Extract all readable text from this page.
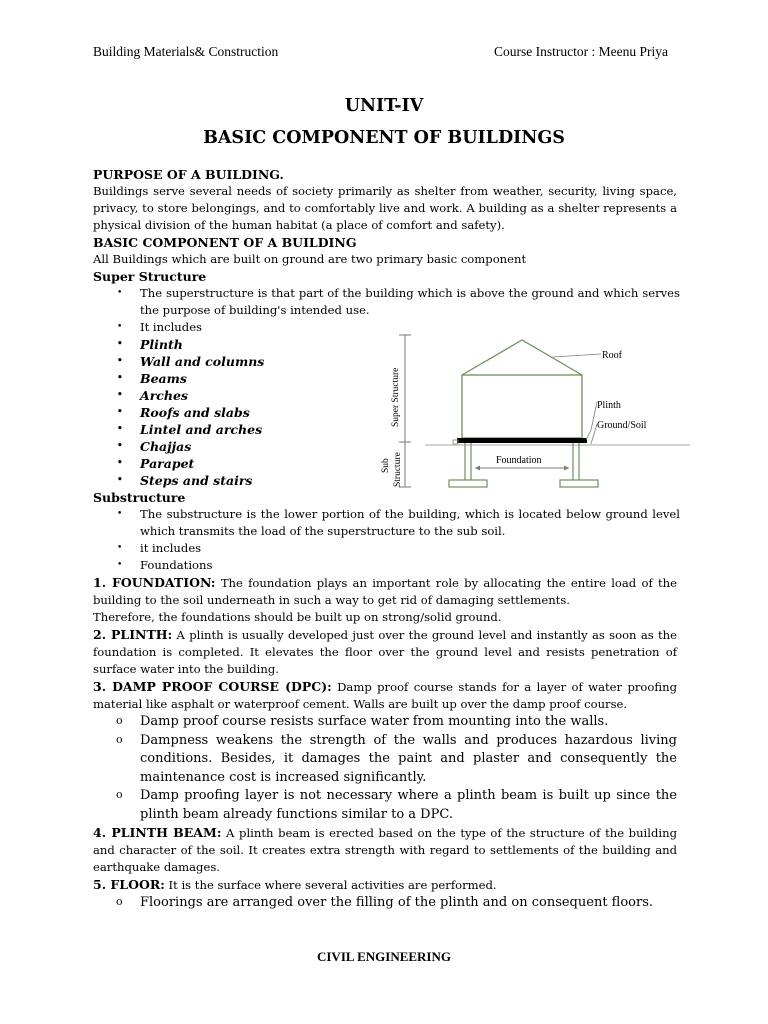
Building Materials& Construction	Course Instructor : Meenu Priya
UNIT-IV
BASIC COMPONENT OF BUILDINGS

PURPOSE OF A BUILDING.

Buildings serve several needs of society primarily as shelter from weather, security, living space, privacy, to store belongings, and to comfortably live and work. A building as a shelter represents a physical division of the human habitat (a place of comfort and safety).

BASIC COMPONENT OF A BUILDING

All Buildings which are built on ground are two primary basic component

Super Structure

• The superstructure is that part of the building which is above the ground and which serves the purpose of building's intended use.
• It includes
• Plinth
• Wall and columns
• Beams
• Arches
• Roofs and slabs
• Lintel and arches
• Chajjas
• Parapet
• Steps and stairs

Substructure

• The substructure is the lower portion of the building, which is located below ground level which transmits the load of the superstructure to the sub soil.
• it includes
• Foundations

1. FOUNDATION: The foundation plays an important role by allocating the entire load of the building to the soil underneath in such a way to get rid of damaging settlements.

Therefore, the foundations should be built up on strong/solid ground.

2. PLINTH: A plinth is usually developed just over the ground level and instantly as soon as the foundation is completed. It elevates the floor over the ground level and resists penetration of surface water into the building.

3. DAMP PROOF COURSE (DPC): Damp proof course stands for a layer of water proofing material like asphalt or waterproof cement. Walls are built up over the damp proof course.

o Damp proof course resists surface water from mounting into the walls.
o Dampness weakens the strength of the walls and produces hazardous living conditions. Besides, it damages the paint and plaster and consequently the maintenance cost is increased significantly.
o Damp proofing layer is not necessary where a plinth beam is built up since the plinth beam already functions similar to a DPC.

4. PLINTH BEAM: A plinth beam is erected based on the type of the structure of the building and character of the soil. It creates extra strength with regard to settlements of the building and earthquake damages.

5. FLOOR: It is the surface where several activities are performed.

o Floorings are arranged over the filling of the plinth and on consequent floors.
Super Structure
Sub Structure	Foundation
Roof
Plinth
Ground/Soil
CIVIL ENGINEERING
